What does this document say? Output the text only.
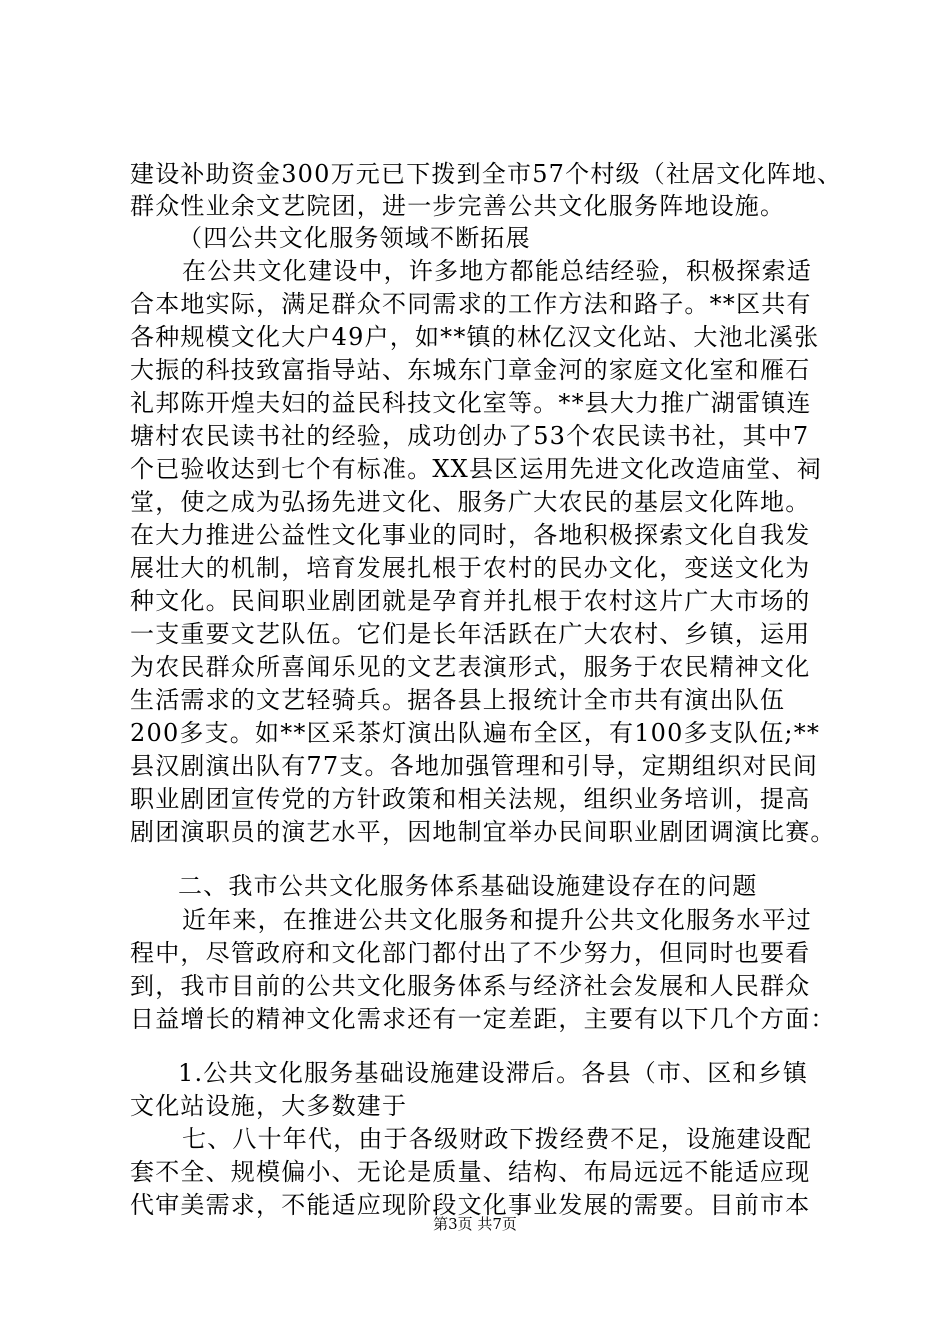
建设补助资金300万元已下拨到全市57个村级（社居文化阵地、
群众性业余文艺院团，进一步完善公共文化服务阵地设施。
（四公共文化服务领域不断拓展
在公共文化建设中，许多地方都能总结经验，积极探索适
合本地实际，满足群众不同需求的工作方法和路子。**区共有
各种规模文化大户49户，如**镇的林亿汉文化站、大池北溪张
大振的科技致富指导站、东城东门章金河的家庭文化室和雁石
礼邦陈开煌夫妇的益民科技文化室等。**县大力推广湖雷镇连
塘村农民读书社的经验，成功创办了53个农民读书社，其中7
个已验收达到七个有标准。XX县区运用先进文化改造庙堂、祠
堂，使之成为弘扬先进文化、服务广大农民的基层文化阵地。
在大力推进公益性文化事业的同时，各地积极探索文化自我发
展壮大的机制，培育发展扎根于农村的民办文化，变送文化为
种文化。民间职业剧团就是孕育并扎根于农村这片广大市场的
一支重要文艺队伍。它们是长年活跃在广大农村、乡镇，运用
为农民群众所喜闻乐见的文艺表演形式，服务于农民精神文化
生活需求的文艺轻骑兵。据各县上报统计全市共有演出队伍
200多支。如**区采茶灯演出队遍布全区，有100多支队伍;**
县汉剧演出队有77支。各地加强管理和引导，定期组织对民间
职业剧团宣传党的方针政策和相关法规，组织业务培训，提高
剧团演职员的演艺水平，因地制宜举办民间职业剧团调演比赛。
二、我市公共文化服务体系基础设施建设存在的问题
近年来，在推进公共文化服务和提升公共文化服务水平过
程中，尽管政府和文化部门都付出了不少努力，但同时也要看
到，我市目前的公共文化服务体系与经济社会发展和人民群众
日益增长的精神文化需求还有一定差距，主要有以下几个方面：
1.公共文化服务基础设施建设滞后。各县（市、区和乡镇
文化站设施，大多数建于
七、八十年代，由于各级财政下拨经费不足，设施建设配
套不全、规模偏小、无论是质量、结构、布局远远不能适应现
代审美需求，不能适应现阶段文化事业发展的需要。目前市本
第3页 共7页
